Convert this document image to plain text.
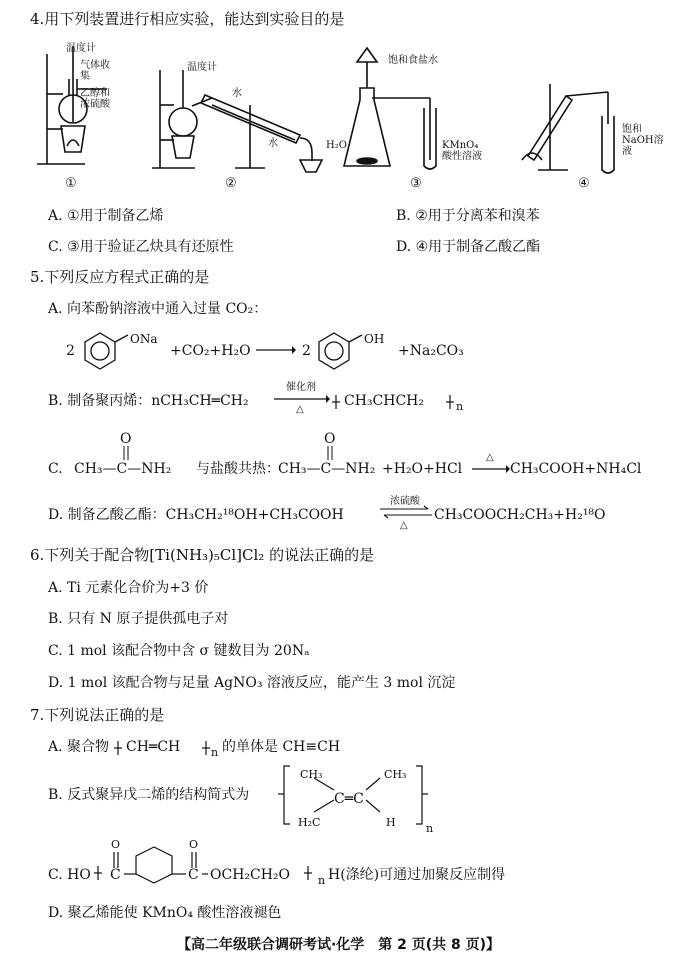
4.用下列装置进行相应实验，能达到实验目的是
温度计
气体收集
乙醇和浓硫酸
①
温度计
水
水
②
饱和食盐水
H₂O	KMnO₄酸性溶液
③
饱和NaOH溶液
④
A. ①用于制备乙烯	B. ②用于分离苯和溴苯
C. ③用于验证乙炔具有还原性	D. ④用于制备乙酸乙酯
5.下列反应方程式正确的是
A. 向苯酚钠溶液中通入过量 CO₂：
2
ONa
+CO₂+H₂O	2
OH
+Na₂CO₃
B. 制备聚丙烯：nCH₃CH═CH₂
催化剂
△
CH₃CHCH₂	n
C.
O
CH₃—C—NH₂ 与盐酸共热：
O
CH₃—C—NH₂ +H₂O+HCl
△
CH₃COOH+NH₄Cl
D. 制备乙酸乙酯：CH₃CH₂¹⁸OH+CH₃COOH
浓硫酸
△
CH₃COOCH₂CH₃+H₂¹⁸O
6.下列关于配合物[Ti(NH₃)₅Cl]Cl₂ 的说法正确的是
A. Ti 元素化合价为+3 价
B. 只有 N 原子提供孤电子对
C. 1 mol 该配合物中含 σ 键数目为 20Nₐ
D. 1 mol 该配合物与足量 AgNO₃ 溶液反应，能产生 3 mol 沉淀
7.下列说法正确的是
A. 聚合物 CH═CH	n 的单体是 CH≡CH
B. 反式聚异戊二烯的结构简式为
CH₃
H₂C
C═C
CH₃
H	n
C. HO
O	O
C	C OCH₂CH₂O	n H(涤纶)可通过加聚反应制得
D. 聚乙烯能使 KMnO₄ 酸性溶液褪色
【高二年级联合调研考试·化学　第 2 页(共 8 页)】
